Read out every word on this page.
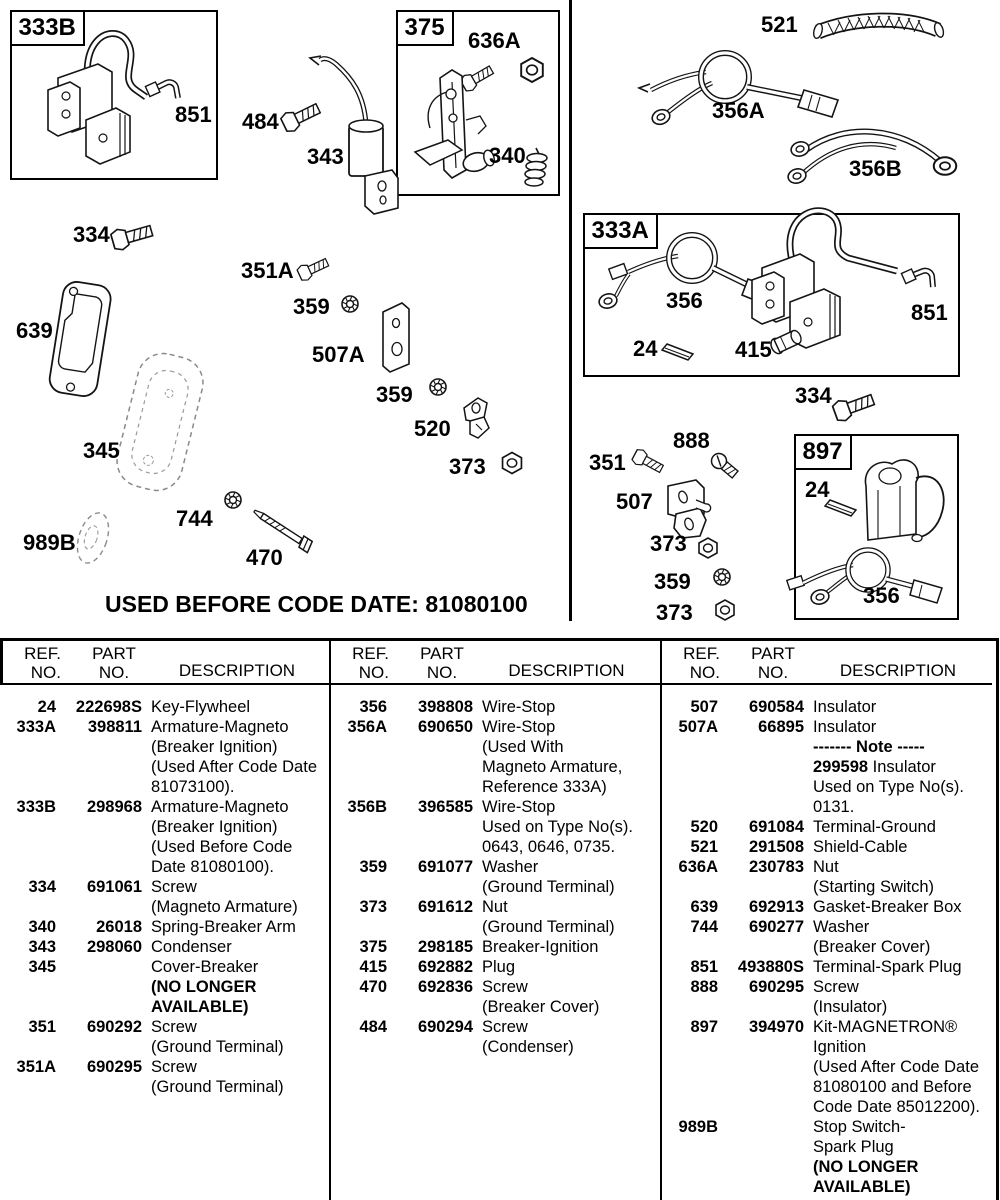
333B	375
333A
897
851 484
343
636A
340
521
356A
356B
334
351A
359
507A
359
520
373
639
345
989B
744
470
356
24	415
851
334
888
351
507
373
359
373
24
356
USED BEFORE CODE DATE: 81080100
REF.
NO.
PART
NO.	DESCRIPTION
24	222698S Key-Flywheel
333A	398811 Armature-Magneto
(Breaker Ignition)
(Used After Code Date
81073100).
333B	298968 Armature-Magneto
(Breaker Ignition)
(Used Before Code
Date 81080100).
334	691061 Screw
(Magneto Armature)
340	26018 Spring-Breaker Arm
343	298060 Condenser
345	Cover-Breaker
(NO LONGER
AVAILABLE)
351	690292 Screw
(Ground Terminal)
351A	690295 Screw
(Ground Terminal)
REF.
NO.
PART
NO.	DESCRIPTION
356	398808 Wire-Stop
356A	690650 Wire-Stop
(Used With
Magneto Armature,
Reference 333A)
356B	396585 Wire-Stop
Used on Type No(s).
0643, 0646, 0735.
359	691077 Washer
(Ground Terminal)
373	691612 Nut
(Ground Terminal)
375	298185 Breaker-Ignition
415	692882 Plug
470	692836 Screw
(Breaker Cover)
484	690294 Screw
(Condenser)
REF.
NO.
PART
NO.	DESCRIPTION
507	690584 Insulator
507A	66895 Insulator
------- Note -----
299598 Insulator
Used on Type No(s).
0131.
520	691084 Terminal-Ground
521	291508 Shield-Cable
636A	230783 Nut
(Starting Switch)
639	692913 Gasket-Breaker Box
744	690277 Washer
(Breaker Cover)
851	493880S Terminal-Spark Plug
888	690295 Screw
(Insulator)
897	394970 Kit-MAGNETRON®
Ignition
(Used After Code Date
81080100 and Before
Code Date 85012200).
989B	Stop Switch-
Spark Plug
(NO LONGER
AVAILABLE)
